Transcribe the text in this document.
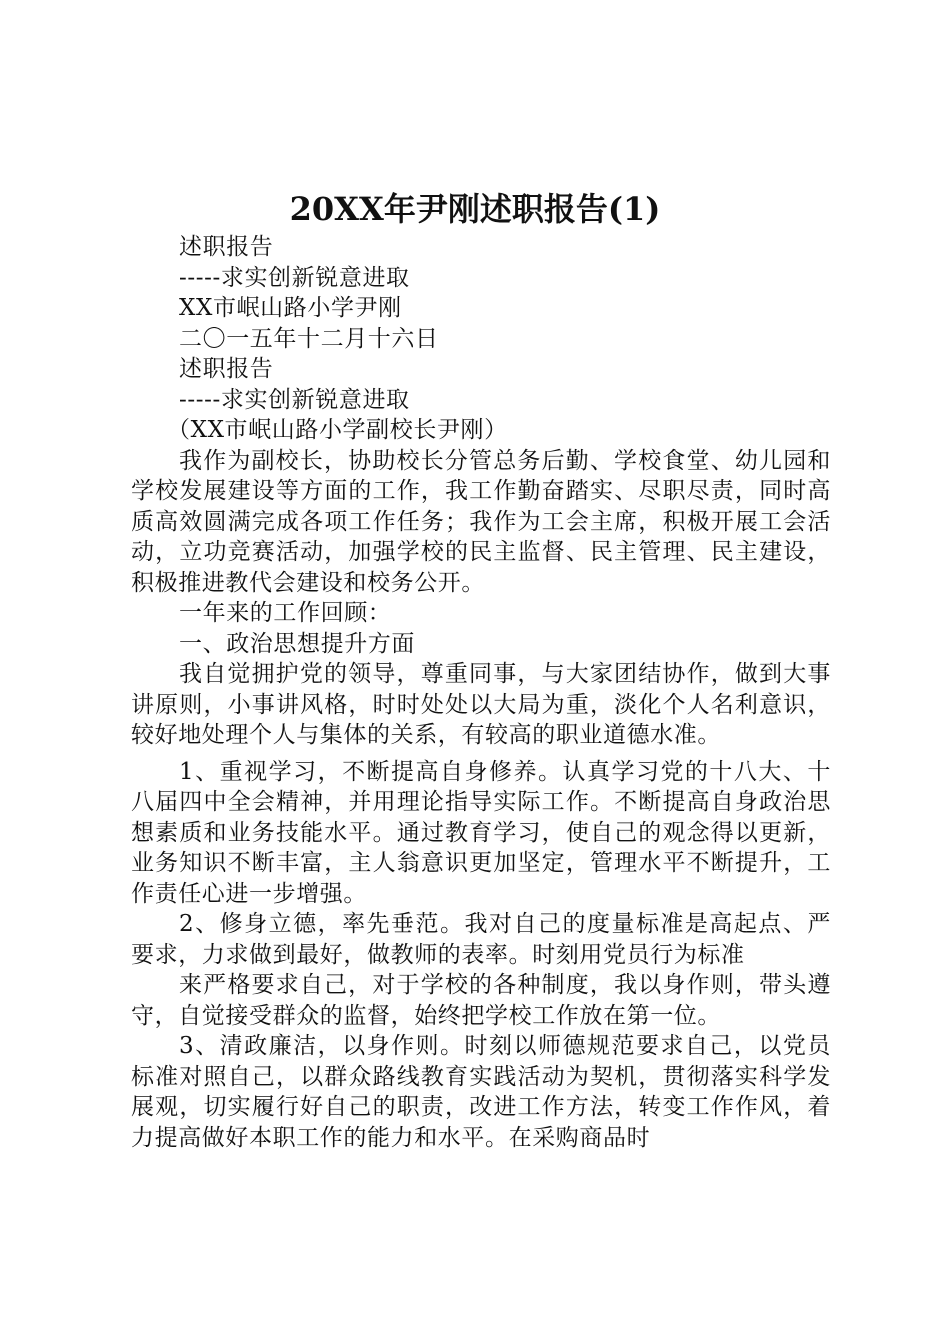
20XX年尹刚述职报告(1)

述职报告

-----求实创新锐意进取

XX市岷山路小学尹刚

二〇一五年十二月十六日

述职报告

-----求实创新锐意进取

（XX市岷山路小学副校长尹刚）

我作为副校长，协助校长分管总务后勤、学校食堂、幼儿园和学校发展建设等方面的工作，我工作勤奋踏实、尽职尽责，同时高质高效圆满完成各项工作任务；我作为工会主席，积极开展工会活动，立功竞赛活动，加强学校的民主监督、民主管理、民主建设，积极推进教代会建设和校务公开。

一年来的工作回顾：

一、政治思想提升方面

我自觉拥护党的领导，尊重同事，与大家团结协作，做到大事讲原则，小事讲风格，时时处处以大局为重，淡化个人名利意识，较好地处理个人与集体的关系，有较高的职业道德水准。

1、重视学习，不断提高自身修养。认真学习党的十八大、十八届四中全会精神，并用理论指导实际工作。不断提高自身政治思想素质和业务技能水平。通过教育学习，使自己的观念得以更新，业务知识不断丰富，主人翁意识更加坚定，管理水平不断提升，工作责任心进一步增强。

2、修身立德，率先垂范。我对自己的度量标准是高起点、严要求，力求做到最好，做教师的表率。时刻用党员行为标准

来严格要求自己，对于学校的各种制度，我以身作则，带头遵守，自觉接受群众的监督，始终把学校工作放在第一位。

3、清政廉洁，以身作则。时刻以师德规范要求自己，以党员标准对照自己，以群众路线教育实践活动为契机，贯彻落实科学发展观，切实履行好自己的职责，改进工作方法，转变工作作风，着力提高做好本职工作的能力和水平。在采购商品时
